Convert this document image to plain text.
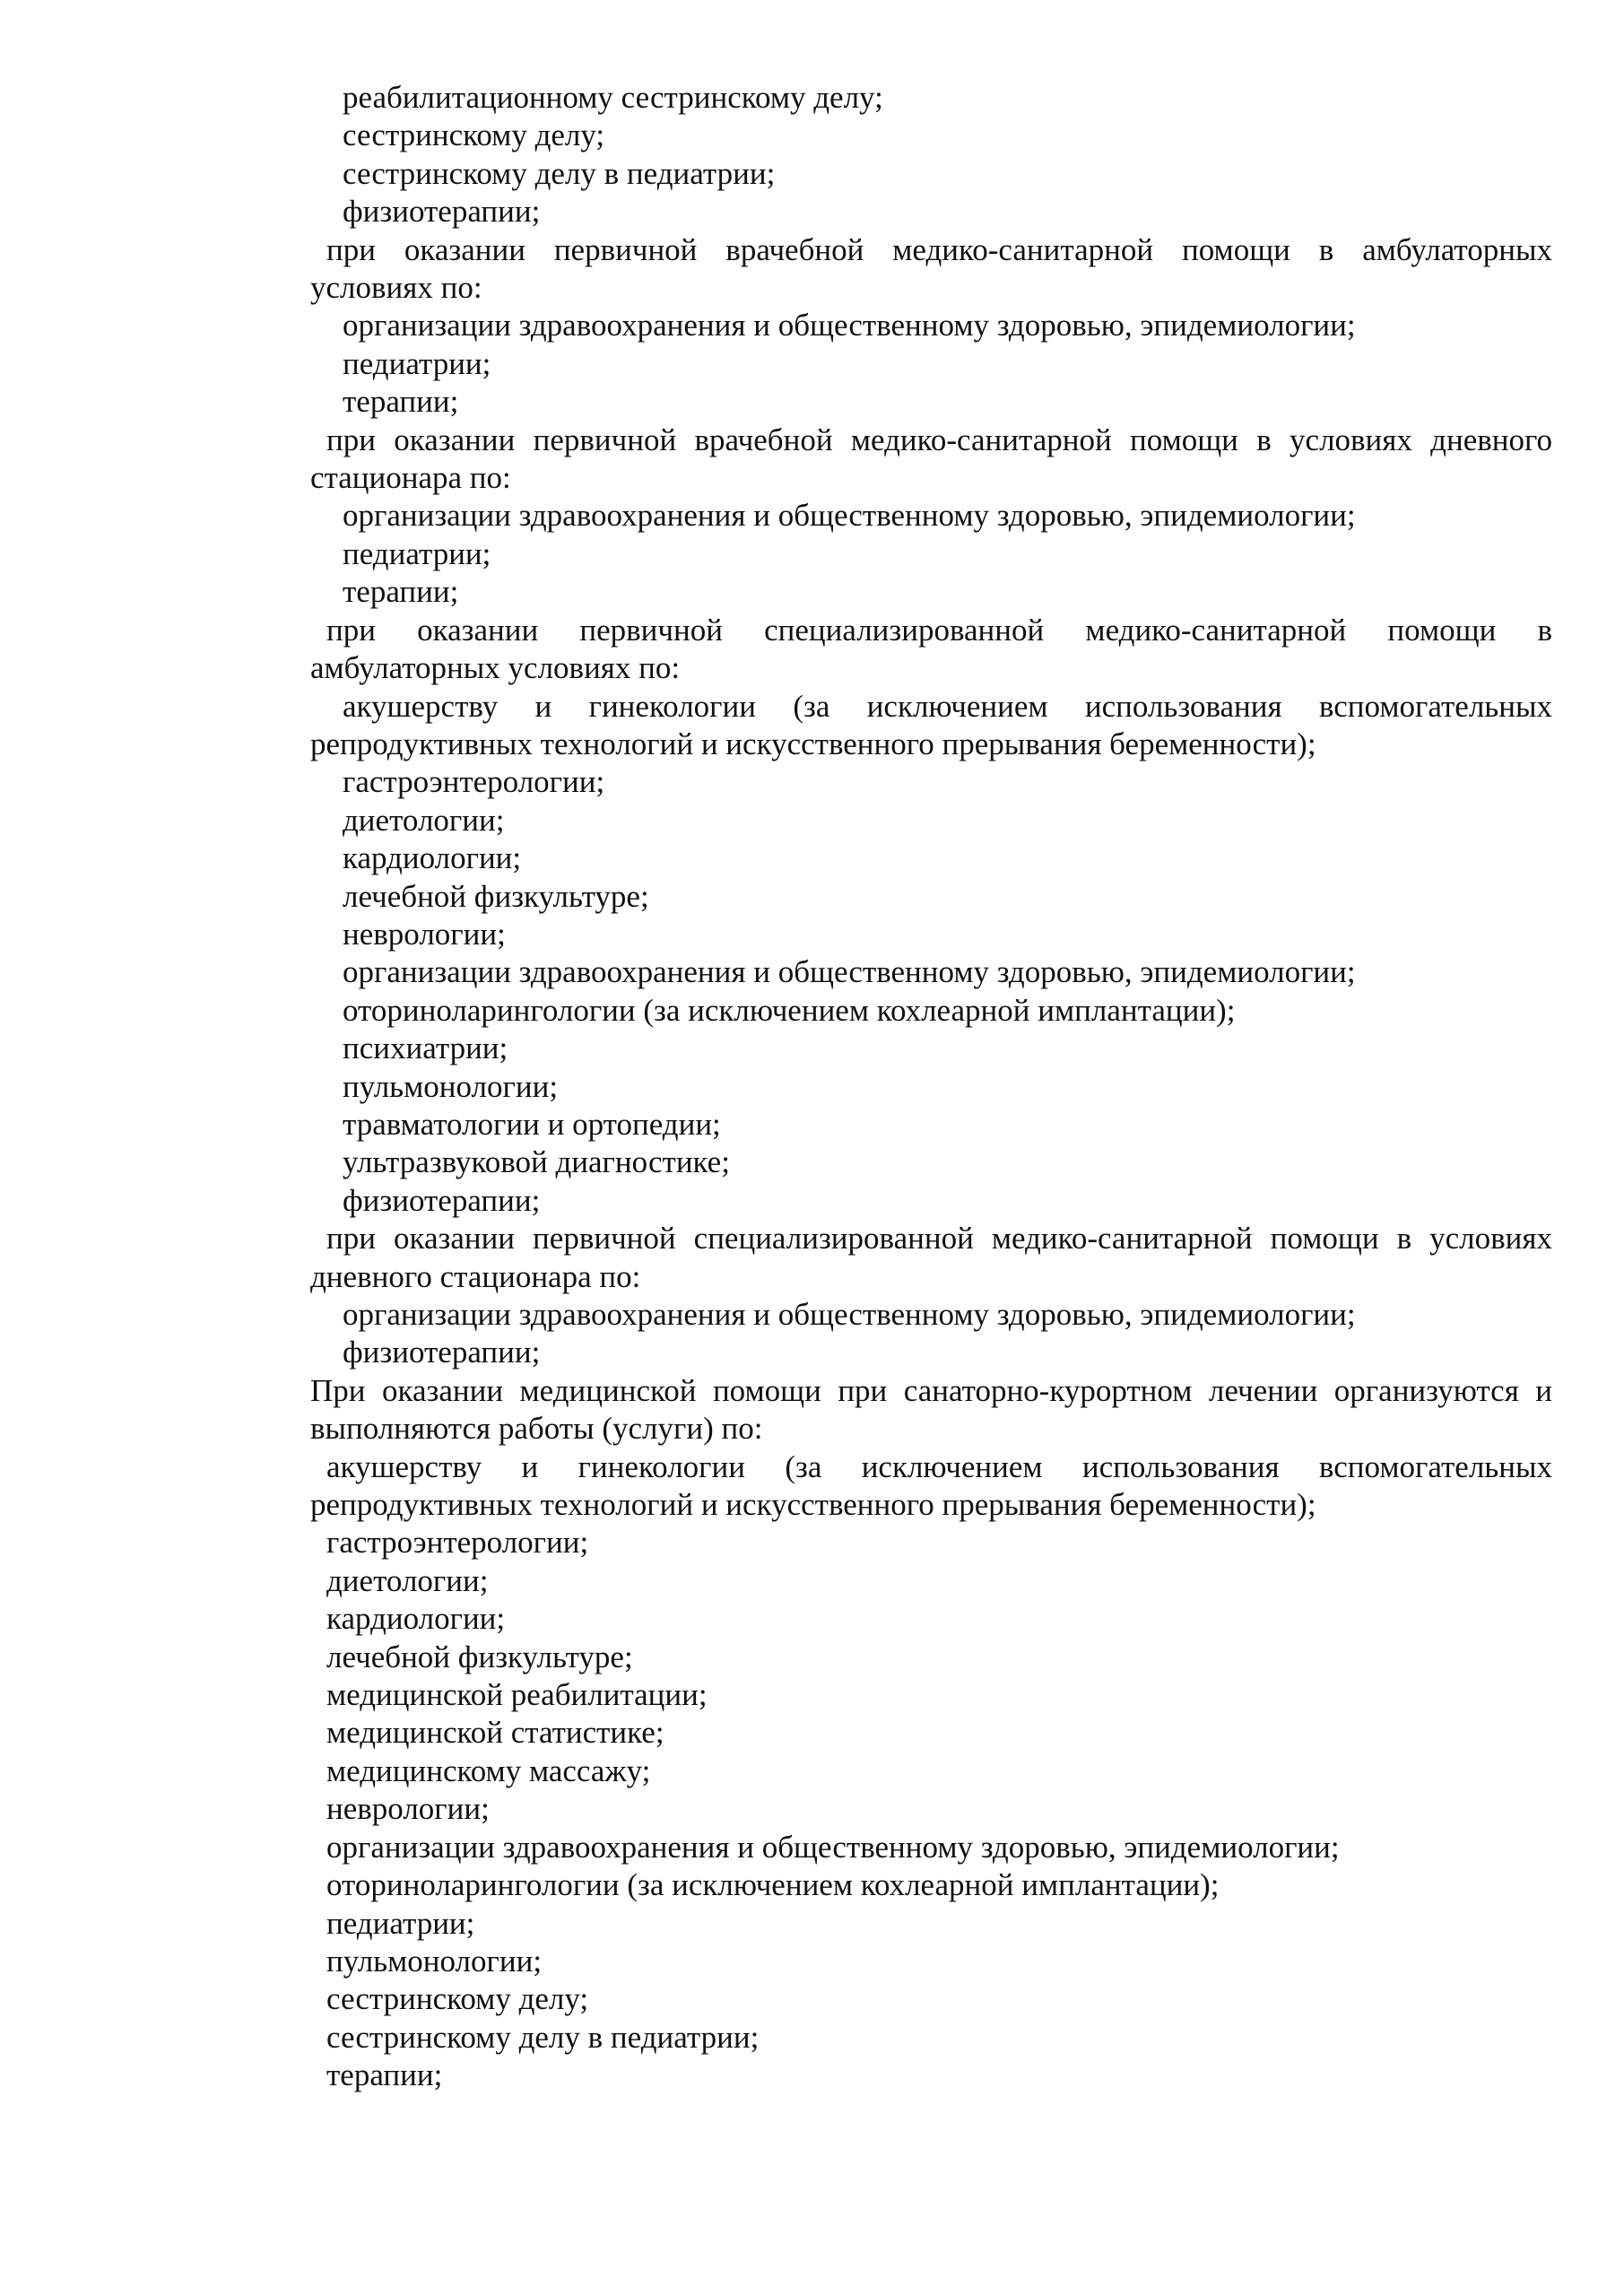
реабилитационному сестринскому делу;

сестринскому делу;

сестринскому делу в педиатрии;

физиотерапии;

при оказании первичной врачебной медико-санитарной помощи в амбулаторных

условиях по:

организации здравоохранения и общественному здоровью, эпидемиологии;

педиатрии;

терапии;

при оказании первичной врачебной медико-санитарной помощи в условиях дневного

стационара по:

организации здравоохранения и общественному здоровью, эпидемиологии;

педиатрии;

терапии;

при оказании первичной специализированной медико-санитарной помощи в

амбулаторных условиях по:

акушерству и гинекологии (за исключением использования вспомогательных

репродуктивных технологий и искусственного прерывания беременности);

гастроэнтерологии;

диетологии;

кардиологии;

лечебной физкультуре;

неврологии;

организации здравоохранения и общественному здоровью, эпидемиологии;

оториноларингологии (за исключением кохлеарной имплантации);

психиатрии;

пульмонологии;

травматологии и ортопедии;

ультразвуковой диагностике;

физиотерапии;

при оказании первичной специализированной медико-санитарной помощи в условиях

дневного стационара по:

организации здравоохранения и общественному здоровью, эпидемиологии;

физиотерапии;

При оказании медицинской помощи при санаторно-курортном лечении организуются и

выполняются работы (услуги) по:

акушерству и гинекологии (за исключением использования вспомогательных

репродуктивных технологий и искусственного прерывания беременности);

гастроэнтерологии;

диетологии;

кардиологии;

лечебной физкультуре;

медицинской реабилитации;

медицинской статистике;

медицинскому массажу;

неврологии;

организации здравоохранения и общественному здоровью, эпидемиологии;

оториноларингологии (за исключением кохлеарной имплантации);

педиатрии;

пульмонологии;

сестринскому делу;

сестринскому делу в педиатрии;

терапии;
